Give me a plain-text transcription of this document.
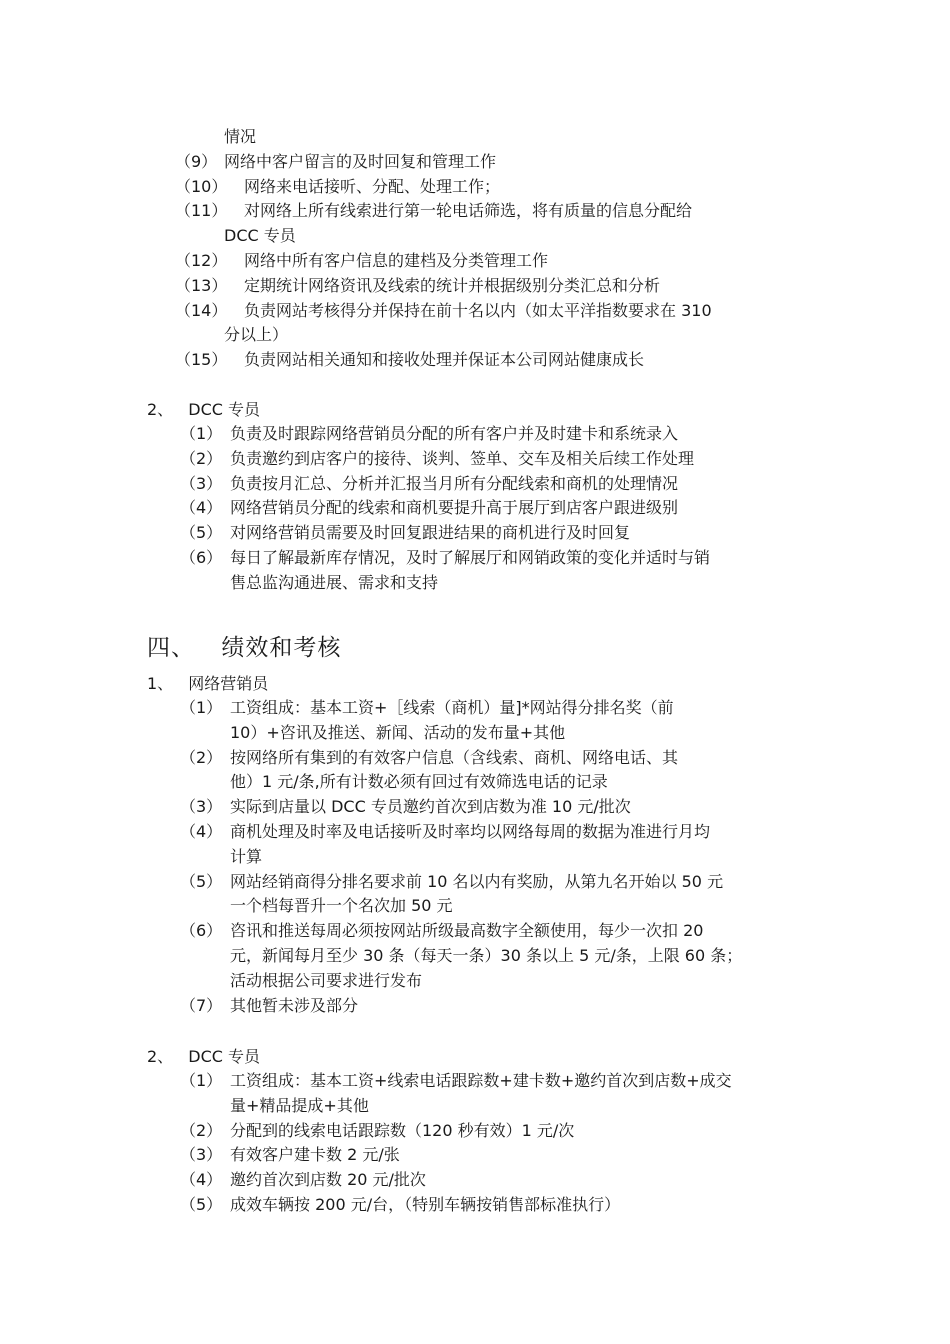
情况
（9） 网络中客户留言的及时回复和管理工作
（10） 网络来电话接听、分配、处理工作；
（11） 对网络上所有线索进行第一轮电话筛选，将有质量的信息分配给
DCC 专员
（12） 网络中所有客户信息的建档及分类管理工作
（13） 定期统计网络资讯及线索的统计并根据级别分类汇总和分析
（14） 负责网站考核得分并保持在前十名以内（如太平洋指数要求在 310
分以上）
（15） 负责网站相关通知和接收处理并保证本公司网站健康成长
2、 DCC 专员
（1） 负责及时跟踪网络营销员分配的所有客户并及时建卡和系统录入
（2） 负责邀约到店客户的接待、谈判、签单、交车及相关后续工作处理
（3） 负责按月汇总、分析并汇报当月所有分配线索和商机的处理情况
（4） 网络营销员分配的线索和商机要提升高于展厅到店客户跟进级别
（5） 对网络营销员需要及时回复跟进结果的商机进行及时回复
（6） 每日了解最新库存情况，及时了解展厅和网销政策的变化并适时与销
售总监沟通进展、需求和支持
四、 绩效和考核
1、 网络营销员
（1） 工资组成：基本工资+［线索（商机）量]*网站得分排名奖（前
10）+咨讯及推送、新闻、活动的发布量+其他
（2） 按网络所有集到的有效客户信息（含线索、商机、网络电话、其
他）1 元/条,所有计数必须有回过有效筛选电话的记录
（3） 实际到店量以 DCC 专员邀约首次到店数为准 10 元/批次
（4） 商机处理及时率及电话接听及时率均以网络每周的数据为准进行月均
计算
（5） 网站经销商得分排名要求前 10 名以内有奖励，从第九名开始以 50 元
一个档每晋升一个名次加 50 元
（6） 咨讯和推送每周必须按网站所级最高数字全额使用，每少一次扣 20
元，新闻每月至少 30 条（每天一条）30 条以上 5 元/条，上限 60 条；
活动根据公司要求进行发布
（7） 其他暂未涉及部分
2、 DCC 专员
（1） 工资组成：基本工资+线索电话跟踪数+建卡数+邀约首次到店数+成交
量+精品提成+其他
（2） 分配到的线索电话跟踪数（120 秒有效）1 元/次
（3） 有效客户建卡数 2 元/张
（4） 邀约首次到店数 20 元/批次
（5） 成效车辆按 200 元/台，（特别车辆按销售部标准执行）
